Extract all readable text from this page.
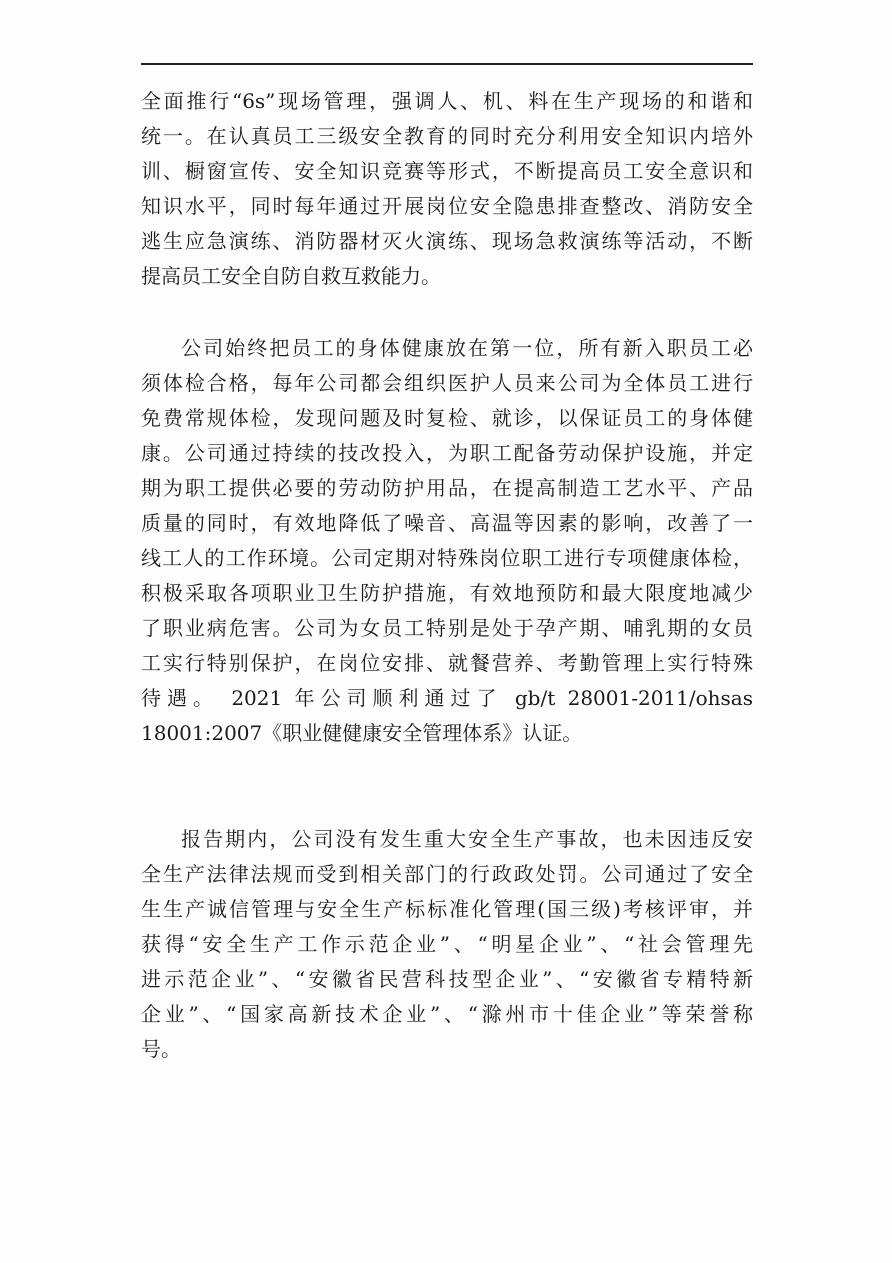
全面推行“6s”现场管理，强调人、机、料在生产现场的和谐和
统一。在认真员工三级安全教育的同时充分利用安全知识内培外
训、橱窗宣传、安全知识竞赛等形式，不断提高员工安全意识和
知识水平，同时每年通过开展岗位安全隐患排查整改、消防安全
逃生应急演练、消防器材灭火演练、现场急救演练等活动，不断
提高员工安全自防自救互救能力。
公司始终把员工的身体健康放在第一位，所有新入职员工必
须体检合格，每年公司都会组织医护人员来公司为全体员工进行
免费常规体检，发现问题及时复检、就诊，以保证员工的身体健
康。公司通过持续的技改投入，为职工配备劳动保护设施，并定
期为职工提供必要的劳动防护用品，在提高制造工艺水平、产品
质量的同时，有效地降低了噪音、高温等因素的影响，改善了一
线工人的工作环境。公司定期对特殊岗位职工进行专项健康体检，
积极采取各项职业卫生防护措施，有效地预防和最大限度地减少
了职业病危害。公司为女员工特别是处于孕产期、哺乳期的女员
工实行特别保护，在岗位安排、就餐营养、考勤管理上实行特殊
待遇。 2021 年公司顺利通过了 gb/t 28001-2011/ohsas
18001:2007《职业健健康安全管理体系》认证。
报告期内，公司没有发生重大安全生产事故，也未因违反安
全生产法律法规而受到相关部门的行政政处罚。公司通过了安全
生生产诚信管理与安全生产标标准化管理(国三级)考核评审，并
获得“安全生产工作示范企业”、“明星企业”、“社会管理先
进示范企业”、“安徽省民营科技型企业”、“安徽省专精特新
企业”、“国家高新技术企业”、“滁州市十佳企业”等荣誉称
号。
